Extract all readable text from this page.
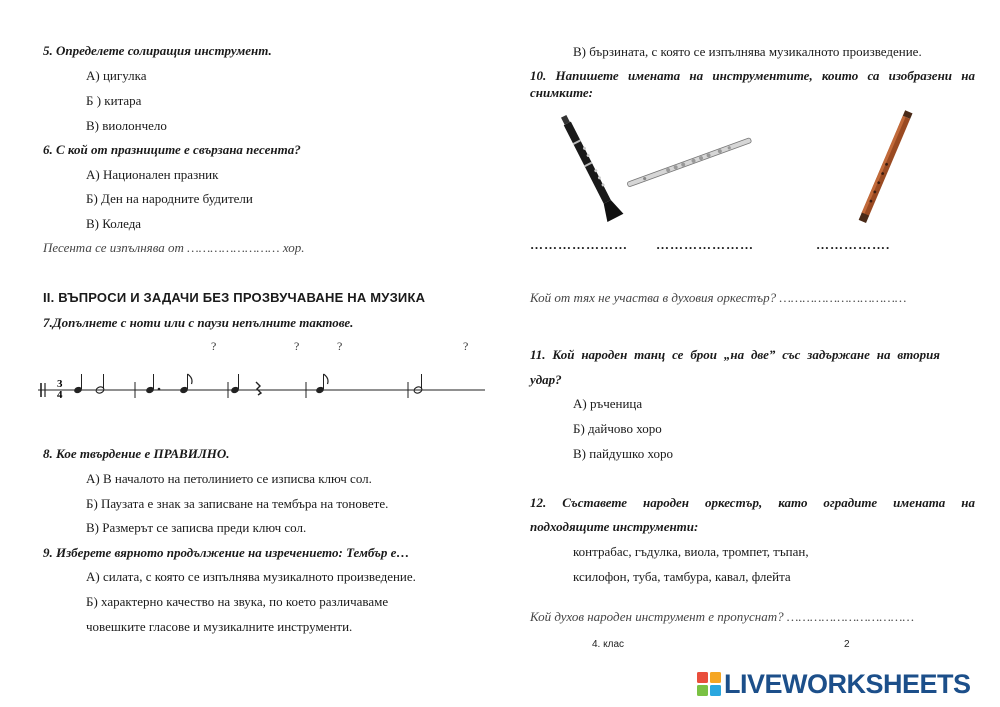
5. Определете солиращия инструмент.
А) цигулка
Б ) китара
В) виолончело
6. С кой от празниците е свързана песента?
А) Национален празник
Б) Ден на народните будители
В) Коледа
Песента се изпълнява от …………………… хор.
II. ВЪПРОСИ И ЗАДАЧИ БЕЗ ПРОЗВУЧАВАНЕ НА МУЗИКА
7.Допълнете с ноти или с паузи непълните тактове.
?	?	?	?
3
4
8. Кое твърдение е ПРАВИЛНО.
А) В началото на петолинието се изписва ключ сол.
Б) Паузата е знак за записване на тембъра на тоновете.
В) Размерът се записва преди ключ сол.
9. Изберете вярното продължение на изречението: Тембър е…
А) силата, с която се изпълнява музикалното произведение.
Б) характерно качество на звука, по което различаваме
човешките гласове и музикалните инструменти.
В) бързината, с която се изпълнява музикалното произведение.
10. Напишете имената на инструментите, които са изобразени на
снимките:
………………… …………………	…………….
Кой от тях не участва в духовия оркестър? ……………………………
11. Кой народен танц се брои „на две” със задържане на втория
удар?
А) ръченица
Б) дайчово хоро
В) пайдушко хоро
12. Съставете народен оркестър, като оградите имената на
подходящите инструменти:
контрабас, гъдулка, виола, тромпет, тъпан,
ксилофон, туба, тамбура, кавал, флейта
Кой духов народен инструмент е пропуснат? ……………………………
4. клас	2
LIVEWORKSHEETS
